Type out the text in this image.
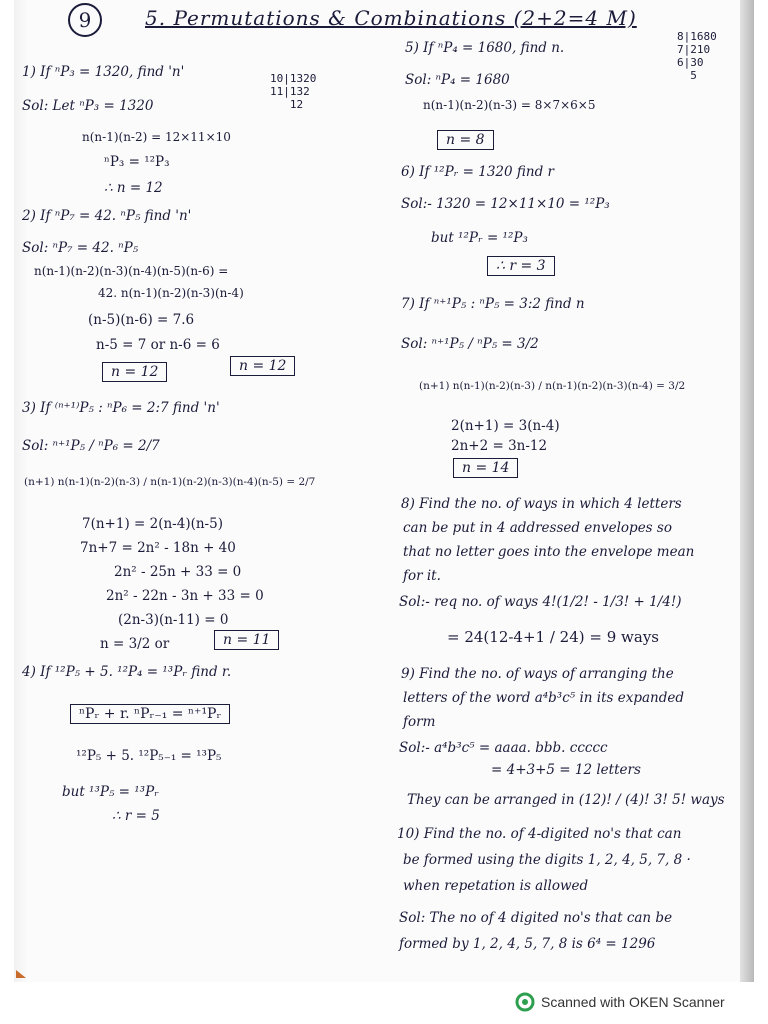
9	5. Permutations & Combinations (2+2=4 M)
1) If ⁿP₃ = 1320, find 'n'	10|1320
11|132
12
Sol: Let ⁿP₃ = 1320
n(n-1)(n-2) = 12×11×10
ⁿP₃ = ¹²P₃
∴ n = 12
2) If ⁿP₇ = 42. ⁿP₅ find 'n'
Sol: ⁿP₇ = 42. ⁿP₅
n(n-1)(n-2)(n-3)(n-4)(n-5)(n-6) =
42. n(n-1)(n-2)(n-3)(n-4)
(n-5)(n-6) = 7.6
n-5 = 7 or n-6 = 6
n = 12	n = 12
3) If ⁽ⁿ⁺¹⁾P₅ : ⁿP₆ = 2:7 find 'n'
Sol: ⁿ⁺¹P₅ / ⁿP₆ = 2/7
(n+1) n(n-1)(n-2)(n-3) / n(n-1)(n-2)(n-3)(n-4)(n-5) = 2/7
7(n+1) = 2(n-4)(n-5)
7n+7 = 2n² - 18n + 40
2n² - 25n + 33 = 0
2n² - 22n - 3n + 33 = 0
(2n-3)(n-11) = 0
n = 3/2 or	n = 11
4) If ¹²P₅ + 5. ¹²P₄ = ¹³Pᵣ find r.
ⁿPᵣ + r. ⁿPᵣ₋₁ = ⁿ⁺¹Pᵣ
¹²P₅ + 5. ¹²P₅₋₁ = ¹³P₅
but ¹³P₅ = ¹³Pᵣ
∴ r = 5
8|1680
7|210
6|30
5
5) If ⁿP₄ = 1680, find n.
Sol: ⁿP₄ = 1680
n(n-1)(n-2)(n-3) = 8×7×6×5
n = 8
6) If ¹²Pᵣ = 1320 find r
Sol:- 1320 = 12×11×10 = ¹²P₃
but ¹²Pᵣ = ¹²P₃
∴ r = 3
7) If ⁿ⁺¹P₅ : ⁿP₅ = 3:2 find n
Sol: ⁿ⁺¹P₅ / ⁿP₅ = 3/2
(n+1) n(n-1)(n-2)(n-3) / n(n-1)(n-2)(n-3)(n-4) = 3/2
2(n+1) = 3(n-4)
2n+2 = 3n-12
n = 14
8) Find the no. of ways in which 4 letters
can be put in 4 addressed envelopes so
that no letter goes into the envelope mean
for it.
Sol:- req no. of ways 4!(1/2! - 1/3! + 1/4!)
= 24(12-4+1 / 24) = 9 ways
9) Find the no. of ways of arranging the
letters of the word a⁴b³c⁵ in its expanded
form
Sol:- a⁴b³c⁵ = aaaa. bbb. ccccc
= 4+3+5 = 12 letters
They can be arranged in (12)! / (4)! 3! 5! ways
10) Find the no. of 4-digited no's that can
be formed using the digits 1, 2, 4, 5, 7, 8 ·
when repetation is allowed
Sol: The no of 4 digited no's that can be
formed by 1, 2, 4, 5, 7, 8 is 6⁴ = 1296
Scanned with OKEN Scanner
